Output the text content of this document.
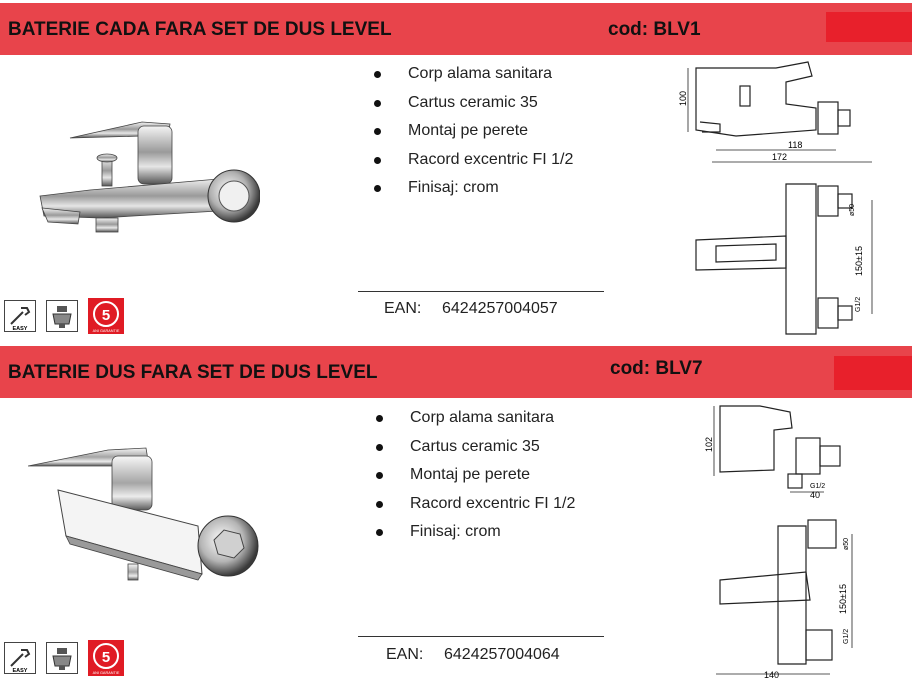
BATERIE CADA FARA SET DE DUS LEVEL	cod: BLV1
Corp alama sanitara
Cartus ceramic 35
Montaj pe perete
Racord excentric FI 1/2
Finisaj: crom
EAN: 6424257004057
100
118
172
150±15
ø50
G1/2
EASY
5
ANI GARANTIE
BATERIE DUS FARA SET DE DUS LEVEL	cod: BLV7
Corp alama sanitara
Cartus ceramic 35
Montaj pe perete
Racord excentric FI 1/2
Finisaj: crom
EAN: 6424257004064
102
40
G1/2
150±15
ø50
G1/2
140
EASY
5
ANI GARANTIE
